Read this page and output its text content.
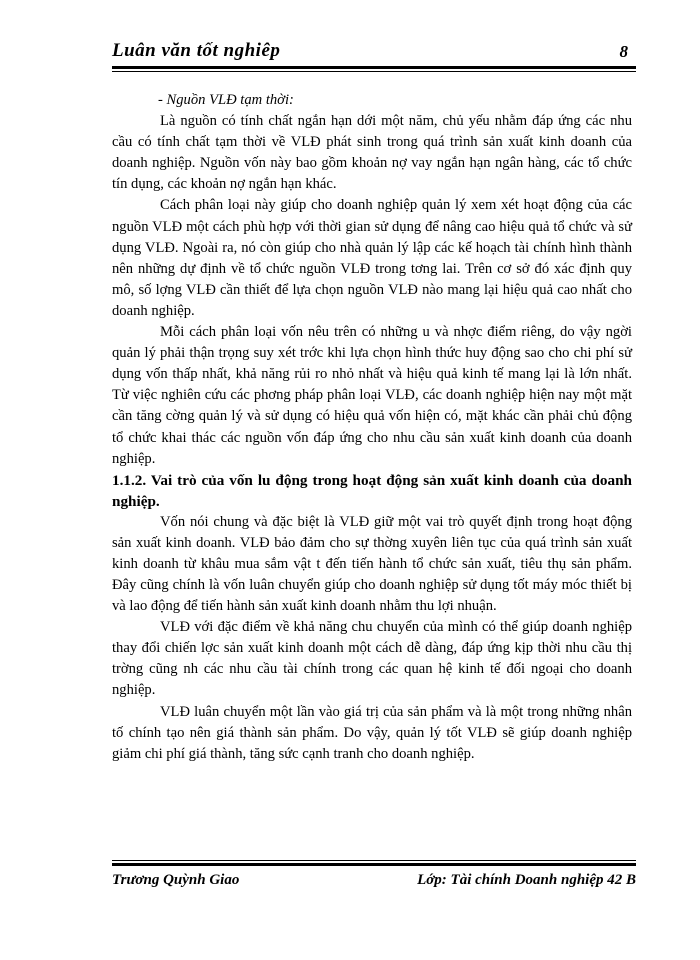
Luân văn tốt nghiêp	8

- Nguồn VLĐ tạm thời:

Là nguồn có tính chất ngắn hạn dới một năm, chủ yếu nhằm đáp ứng các nhu cầu có tính chất tạm thời về VLĐ phát sinh trong quá trình sản xuất kinh doanh của doanh nghiệp. Nguồn vốn này bao gồm khoản nợ vay ngắn hạn ngân hàng, các tổ chức tín dụng, các khoản nợ ngắn hạn khác.

Cách phân loại này giúp cho doanh nghiệp quản lý xem xét hoạt động của các nguồn VLĐ một cách phù hợp với thời gian sử dụng để nâng cao hiệu quả tổ chức và sử dụng VLĐ. Ngoài ra, nó còn giúp cho nhà quản lý lập các kế hoạch tài chính hình thành nên những dự định về tổ chức nguồn VLĐ trong tơng lai. Trên cơ sở đó xác định quy mô, số lợng VLĐ cần thiết để lựa chọn nguồn VLĐ nào mang lại hiệu quả cao nhất cho doanh nghiệp.

Mỗi cách phân loại vốn nêu trên có những u và nhợc điểm riêng, do vậy ngời quản lý phải thận trọng suy xét trớc khi lựa chọn hình thức huy động sao cho chi phí sử dụng vốn thấp nhất, khả năng rủi ro nhỏ nhất và hiệu quả kinh tế mang lại là lớn nhất. Từ việc nghiên cứu các phơng pháp phân loại VLĐ, các doanh nghiệp hiện nay một mặt cần tăng cờng quản lý và sử dụng có hiệu quả vốn hiện có, mặt khác cần phải chủ động tổ chức khai thác các nguồn vốn đáp ứng cho nhu cầu sản xuất kinh doanh của doanh nghiệp.

1.1.2. Vai trò của vốn lu động trong hoạt động sản xuất kinh doanh của doanh nghiệp.

Vốn nói chung và đặc biệt là VLĐ giữ một vai trò quyết định trong hoạt động sản xuất kinh doanh. VLĐ bảo đảm cho sự thờng xuyên liên tục của quá trình sản xuất kinh doanh từ khâu mua sắm vật t đến tiến hành tổ chức sản xuất, tiêu thụ sản phẩm. Đây cũng chính là vốn luân chuyển giúp cho doanh nghiệp sử dụng tốt máy móc thiết bị và lao động để tiến hành sản xuất kinh doanh nhằm thu lợi nhuận.

VLĐ với đặc điểm về khả năng chu chuyển của mình có thể giúp doanh nghiệp thay đổi chiến lợc sản xuất kinh doanh một cách dễ dàng, đáp ứng kịp thời nhu cầu thị trờng cũng nh các nhu cầu tài chính trong các quan hệ kinh tế đối ngoại cho doanh nghiệp.

VLĐ luân chuyển một lần vào giá trị của sản phẩm và là một trong những nhân tố chính tạo nên giá thành sản phẩm. Do vậy, quản lý tốt VLĐ sẽ giúp doanh nghiệp giảm chi phí giá thành, tăng sức cạnh tranh cho doanh nghiệp.

Trương Quỳnh Giao	Lớp: Tài chính Doanh nghiệp 42 B
